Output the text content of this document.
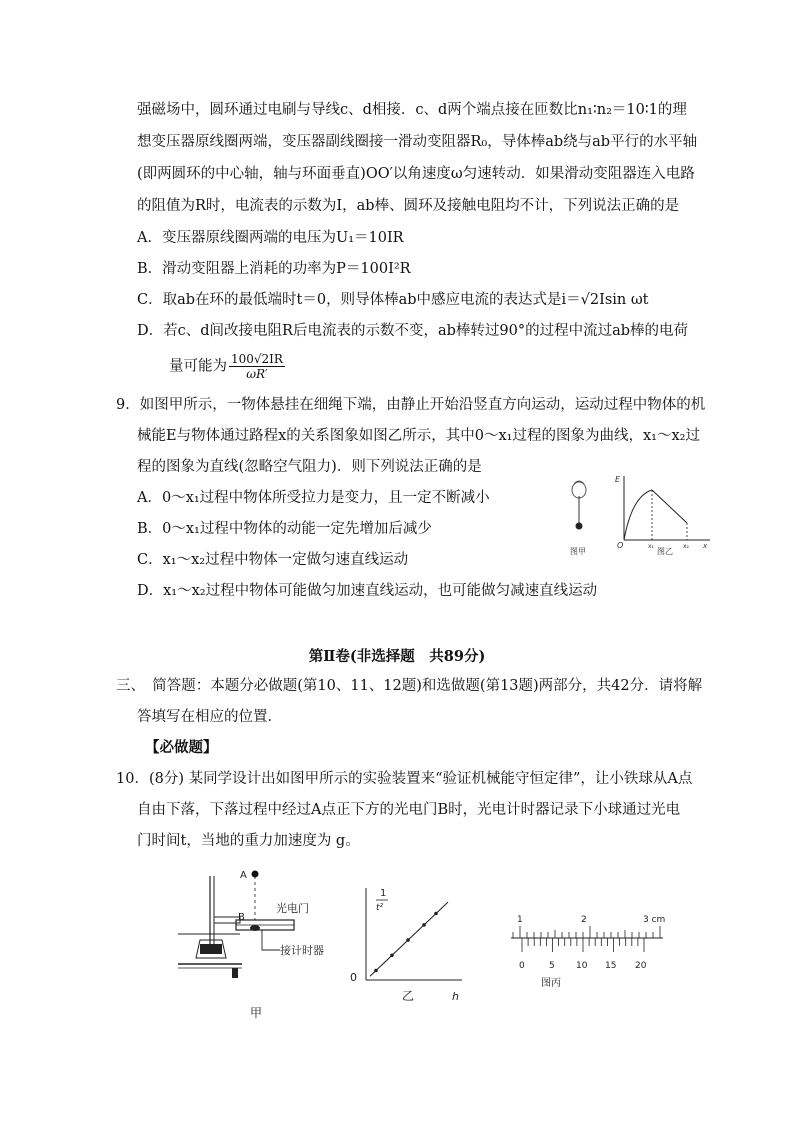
强磁场中，圆环通过电刷与导线c、d相接．c、d两个端点接在匝数比n₁∶n₂＝10∶1的理
想变压器原线圈两端，变压器副线圈接一滑动变阻器R₀，导体棒ab绕与ab平行的水平轴
(即两圆环的中心轴，轴与环面垂直)OO′以角速度ω匀速转动．如果滑动变阻器连入电路
的阻值为R时，电流表的示数为I，ab棒、圆环及接触电阻均不计，下列说法正确的是
A．变压器原线圈两端的电压为U₁＝10IR
B．滑动变阻器上消耗的功率为P＝100I²R
C．取ab在环的最低端时t＝0，则导体棒ab中感应电流的表达式是i＝√2Isin ωt
D．若c、d间改接电阻R后电流表的示数不变，ab棒转过90°的过程中流过ab棒的电荷
量可能为 $\frac{100√2IR}{\omega R'}$
9．如图甲所示，一物体悬挂在细绳下端，由静止开始沿竖直方向运动，运动过程中物体的机
械能E与物体通过路程x的关系图象如图乙所示，其中0～x₁过程的图象为曲线，x₁～x₂过
程的图象为直线(忽略空气阻力)．则下列说法正确的是
A．0～x₁过程中物体所受拉力是变力，且一定不断减小
B．0～x₁过程中物体的动能一定先增加后减少
C．x₁～x₂过程中物体一定做匀速直线运动
D．x₁～x₂过程中物体可能做匀加速直线运动，也可能做匀减速直线运动
图甲
E
O	x₁	x₂ x
图乙
第Ⅱ卷(非选择题　共89分)
三、　简答题：本题分必做题(第10、11、12题)和选做题(第13题)两部分，共42分．请将解
答填写在相应的位置．
【必做题】
10．(8分) 某同学设计出如图甲所示的实验装置来“验证机械能守恒定律”，让小铁球从A点
自由下落，下落过程中经过A点正下方的光电门B时，光电计时器记录下小球通过光电
门时间t，当地的重力加速度为 g。
A
B
光电门
接计时器
甲
1
t²
0
乙	h
1	2	3 cm
0	5 10 15 20
图丙
